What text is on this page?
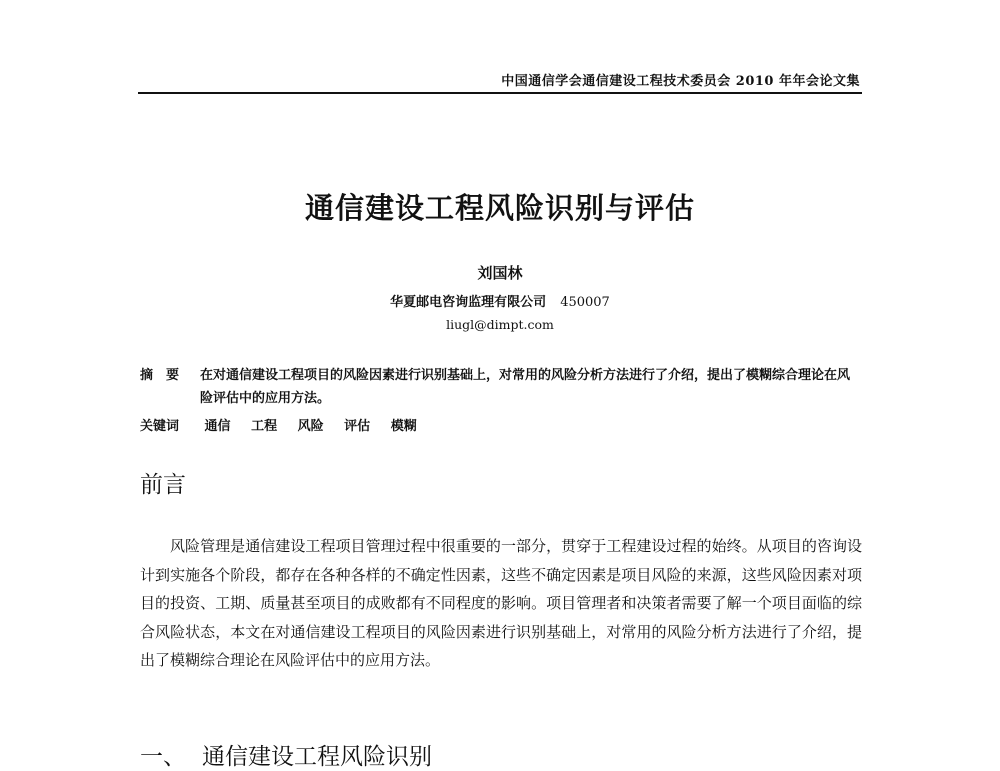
中国通信学会通信建设工程技术委员会 2010 年年会论文集
通信建设工程风险识别与评估
刘国林
华夏邮电咨询监理有限公司 450007
liugl@dimpt.com
摘　要	在对通信建设工程项目的风险因素进行识别基础上，对常用的风险分析方法进行了介绍，提出了模糊综合理论在风险评估中的应用方法。
关键词 通信 工程 风险 评估 模糊
前言

风险管理是通信建设工程项目管理过程中很重要的一部分，贯穿于工程建设过程的始终。从项目的咨询设计到实施各个阶段，都存在各种各样的不确定性因素，这些不确定因素是项目风险的来源，这些风险因素对项目的投资、工期、质量甚至项目的成败都有不同程度的影响。项目管理者和决策者需要了解一个项目面临的综合风险状态，本文在对通信建设工程项目的风险因素进行识别基础上，对常用的风险分析方法进行了介绍，提出了模糊综合理论在风险评估中的应用方法。

一、 通信建设工程风险识别
